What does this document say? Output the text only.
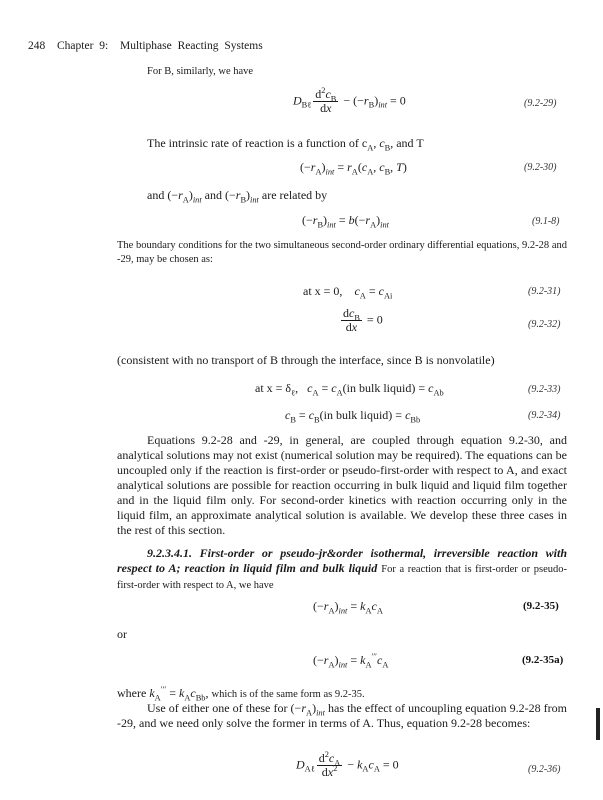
248 Chapter 9: Multiphase Reacting Systems
For B, similarly, we have
$D_{B\ell} \frac{d^2c_B}{dx} - (-r_B)_{int} = 0$	(9.2-29)
The intrinsic rate of reaction is a function of $c_A$, $c_B$, and T
$(-r_A)_{int} = r_A(c_A$, $c_B$, T)	(9.2-30)
and $(-r_A)_{int}$ and $(-r_B)_{int}$ are related by
$(-r_B)_{int} = b(-r_A)_{int}$	(9.1-8)
The boundary conditions for the two simultaneous second-order ordinary differential equations, 9.2-28 and -29, may be chosen as:
at x = 0, $c_A = c_{Ai}$	(9.2-31)
$\frac{dc_B}{dx} = 0$	(9.2-32)
(consistent with no transport of B through the interface, since B is nonvolatile)
at $x = \delta_\ell$,   $c_A = c_A(in$ bulk liquid) = $c_{Ab}$	(9.2-33)
$c_B = c_B(in$ bulk liquid) = $c_{Bb}$	(9.2-34)
Equations 9.2-28 and -29, in general, are coupled through equation 9.2-30, and analytical solutions may not exist (numerical solution may be required). The equations can be uncoupled only if the reaction is first-order or pseudo-first-order with respect to A, and exact analytical solutions are possible for reaction occurring in bulk liquid and liquid film together and in the liquid film only. For second-order kinetics with reaction occurring only in the liquid film, an approximate analytical solution is available. We develop these three cases in the rest of this section.
9.2.3.4.1. First-order or pseudo-jr&order isothermal, irreversible reaction with respect to A; reaction in liquid film and bulk liquid For a reaction that is first-order or pseudo-first-order with respect to A, we have
$(-r_A)_{int} = k_Ac_A$	(9.2-35)
or
$(-r_A)_{int} = k_A'''c_A$	(9.2-35a)
where $k_A''' = k_Ac_{Bb}$, which is of the same form as 9.2-35.
Use of either one of these for $(-r_A)_{int}$ has the effect of uncoupling equation 9.2-28 from -29, and we need only solve the former in terms of A. Thus, equation 9.2-28 becomes:
$D_{A\ell} \frac{d^2c_A}{dx^2} - k_Ac_A = 0$	(9.2-36)
